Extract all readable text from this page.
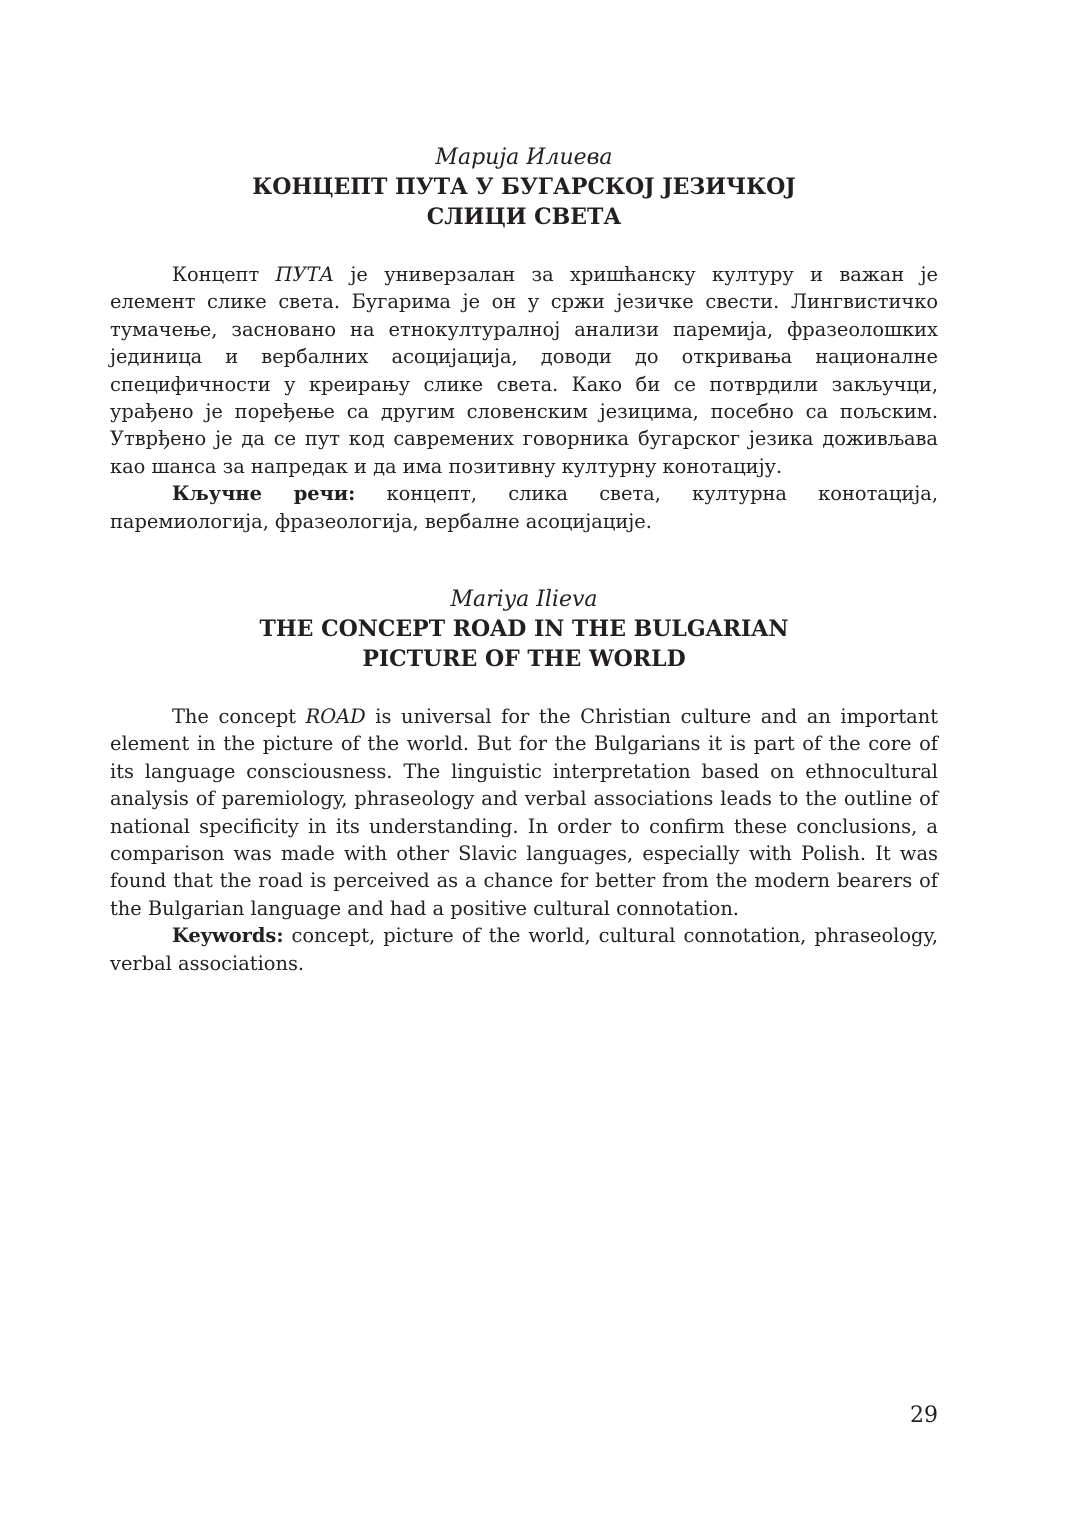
Марија Илиева

КОНЦЕПТ ПУТА У БУГАРСКОЈ ЈЕЗИЧКОЈ

СЛИЦИ СВЕТА

Концепт ПУТА је универзалан за хришћанску културу и важан је елемент слике света. Бугарима је он у сржи језичке свести. Лингвистичко тумачење, засновано на етнокултуралној анализи паремија, фразеолошких јединица и вербалних асоцијација, доводи до откривања националне специфичности у креирању слике света. Како би се потврдили закључци, урађено је поређење са другим словенским језицима, посебно са пољским. Утврђено је да се пут код савремених говорника бугарског језика доживљава као шанса за напредак и да има позитивну културну конотацију.

Кључне речи: концепт, слика света, културна конотација, паремиологија, фразеологија, вербалне асоцијације.

Mariya Ilieva

THE CONCEPT ROAD IN THE BULGARIAN

PICTURE OF THE WORLD

The concept ROAD is universal for the Christian culture and an important element in the picture of the world. But for the Bulgarians it is part of the core of its language consciousness. The linguistic interpretation based on ethnocultural analysis of paremiology, phraseology and verbal associations leads to the outline of national specificity in its understanding. In order to confirm these conclusions, a comparison was made with other Slavic languages, especially with Polish. It was found that the road is perceived as a chance for better from the modern bearers of the Bulgarian language and had a positive cultural connotation.

Keywords: concept, picture of the world, cultural connotation, phraseology, verbal associations.

29
